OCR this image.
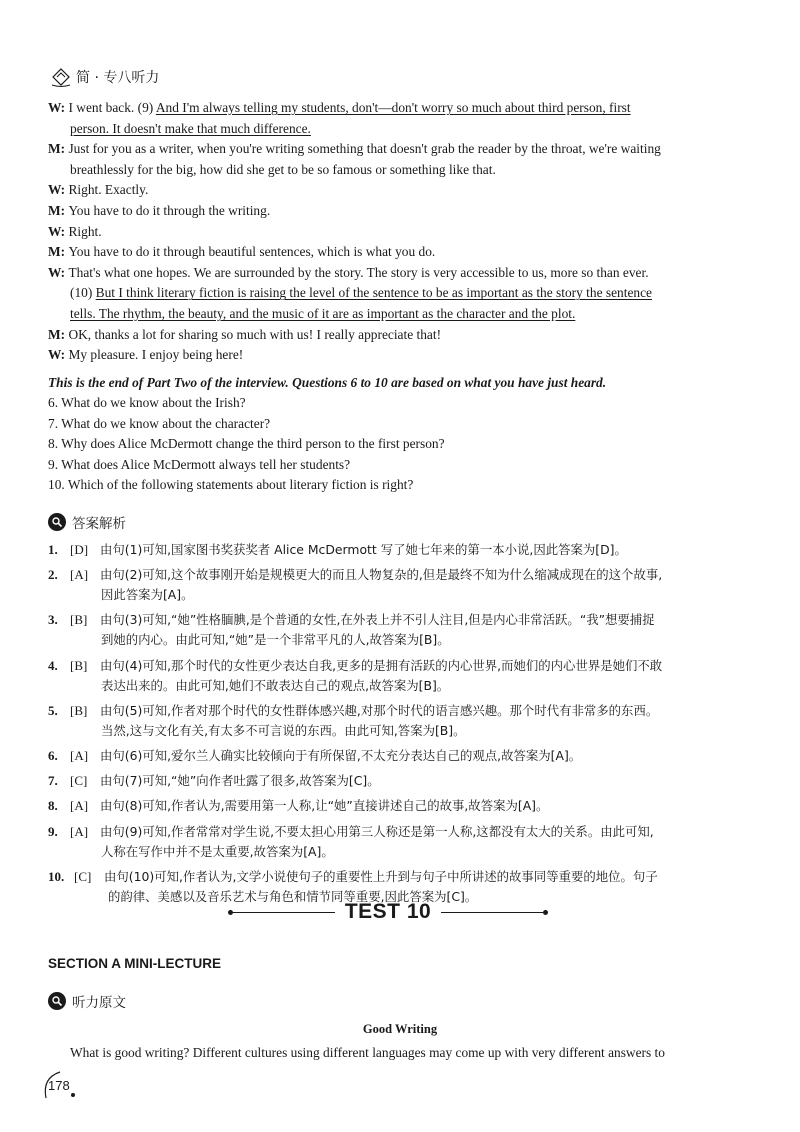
简 · 专八听力
W: I went back. (9) And I'm always telling my students, don't—don't worry so much about third person, first
person. It doesn't make that much difference.
M: Just for you as a writer, when you're writing something that doesn't grab the reader by the throat, we're waiting
breathlessly for the big, how did she get to be so famous or something like that.
W: Right. Exactly.
M: You have to do it through the writing.
W: Right.
M: You have to do it through beautiful sentences, which is what you do.
W: That's what one hopes. We are surrounded by the story. The story is very accessible to us, more so than ever.
(10) But I think literary fiction is raising the level of the sentence to be as important as the story the sentence
tells. The rhythm, the beauty, and the music of it are as important as the character and the plot.
M: OK, thanks a lot for sharing so much with us! I really appreciate that!
W: My pleasure. I enjoy being here!
This is the end of Part Two of the interview. Questions 6 to 10 are based on what you have just heard.
6. What do we know about the Irish?
7. What do we know about the character?
8. Why does Alice McDermott change the third person to the first person?
9. What does Alice McDermott always tell her students?
10. Which of the following statements about literary fiction is right?
答案解析
1. [D] 由句(1)可知,国家图书奖获奖者 Alice McDermott 写了她七年来的第一本小说,因此答案为[D]。
2. [A] 由句(2)可知,这个故事刚开始是规模更大的而且人物复杂的,但是最终不知为什么缩减成现在的这个故事,
因此答案为[A]。
3. [B] 由句(3)可知,“她”性格腼腆,是个普通的女性,在外表上并不引人注目,但是内心非常活跃。“我”想要捕捉
到她的内心。由此可知,“她”是一个非常平凡的人,故答案为[B]。
4. [B] 由句(4)可知,那个时代的女性更少表达自我,更多的是拥有活跃的内心世界,而她们的内心世界是她们不敢
表达出来的。由此可知,她们不敢表达自己的观点,故答案为[B]。
5. [B] 由句(5)可知,作者对那个时代的女性群体感兴趣,对那个时代的语言感兴趣。那个时代有非常多的东西。
当然,这与文化有关,有太多不可言说的东西。由此可知,答案为[B]。
6. [A] 由句(6)可知,爱尔兰人确实比较倾向于有所保留,不太充分表达自己的观点,故答案为[A]。
7. [C] 由句(7)可知,“她”向作者吐露了很多,故答案为[C]。
8. [A] 由句(8)可知,作者认为,需要用第一人称,让“她”直接讲述自己的故事,故答案为[A]。
9. [A] 由句(9)可知,作者常常对学生说,不要太担心用第三人称还是第一人称,这都没有太大的关系。由此可知,
人称在写作中并不是太重要,故答案为[A]。
10. [C] 由句(10)可知,作者认为,文学小说使句子的重要性上升到与句子中所讲述的故事同等重要的地位。句子
的韵律、美感以及音乐艺术与角色和情节同等重要,因此答案为[C]。
TEST 10
SECTION A MINI-LECTURE
听力原文
Good Writing
What is good writing? Different cultures using different languages may come up with very different answers to
178
